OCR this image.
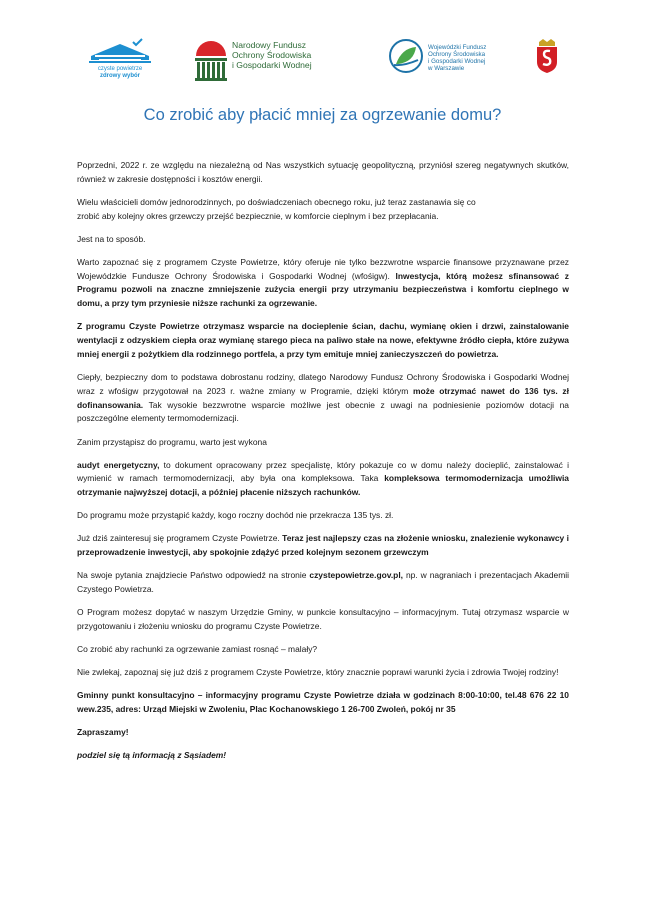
czyste powietrze
zdrowy wybór
Narodowy Fundusz
Ochrony Środowiska
i Gospodarki Wodnej
Wojewódzki Fundusz
Ochrony Środowiska
i Gospodarki Wodnej
w Warszawie
Co zrobić aby płacić mniej za ogrzewanie domu?

Poprzedni, 2022 r. ze względu na niezależną od Nas wszystkich sytuację geopolityczną, przyniósł szereg negatywnych skutków, również w zakresie dostępności i kosztów energii.

Wielu właścicieli domów jednorodzinnych, po doświadczeniach obecnego roku, już teraz zastanawia się co
zrobić aby kolejny okres grzewczy przejść bezpiecznie, w komforcie cieplnym i bez przepłacania.

Jest na to sposób.

Warto zapoznać się z programem Czyste Powietrze, który oferuje nie tylko bezzwrotne wsparcie finansowe przyznawane przez Wojewódzkie Fundusze Ochrony Środowiska i Gospodarki Wodnej (wfośigw). Inwestycja, którą możesz sfinansować z Programu pozwoli na znaczne zmniejszenie zużycia energii przy utrzymaniu bezpieczeństwa i komfortu cieplnego w domu, a przy tym przyniesie niższe rachunki za ogrzewanie.

Z programu Czyste Powietrze otrzymasz wsparcie na docieplenie ścian, dachu, wymianę okien i drzwi, zainstalowanie wentylacji z odzyskiem ciepła oraz wymianę starego pieca na paliwo stałe na nowe, efektywne źródło ciepła, które zużywa mniej energii z pożytkiem dla rodzinnego portfela, a przy tym emituje mniej zanieczyszczeń do powietrza.

Ciepły, bezpieczny dom to podstawa dobrostanu rodziny, dlatego Narodowy Fundusz Ochrony Środowiska i Gospodarki Wodnej wraz z wfośigw przygotował na 2023 r. ważne zmiany w Programie, dzięki którym może otrzymać nawet do 136 tys. zł dofinansowania. Tak wysokie bezzwrotne wsparcie możliwe jest obecnie z uwagi na podniesienie poziomów dotacji na poszczególne elementy termomodernizacji.

Zanim przystąpisz do programu, warto jest wykona

audyt energetyczny, to dokument opracowany przez specjalistę, który pokazuje co w domu należy docieplić, zainstalować i wymienić w ramach termomodernizacji, aby była ona kompleksowa. Taka kompleksowa termomodernizacja umożliwia otrzymanie najwyższej dotacji, a później płacenie niższych rachunków.

Do programu może przystąpić każdy, kogo roczny dochód nie przekracza 135 tys. zł.

Już dziś zainteresuj się programem Czyste Powietrze. Teraz jest najlepszy czas na złożenie wniosku, znalezienie wykonawcy i przeprowadzenie inwestycji, aby spokojnie zdążyć przed kolejnym sezonem grzewczym

Na swoje pytania znajdziecie Państwo odpowiedź na stronie czystepowietrze.gov.pl, np. w nagraniach i prezentacjach Akademii Czystego Powietrza.

O Program możesz dopytać w naszym Urzędzie Gminy, w punkcie konsultacyjno – informacyjnym. Tutaj otrzymasz wsparcie w przygotowaniu i złożeniu wniosku do programu Czyste Powietrze.

Co zrobić aby rachunki za ogrzewanie zamiast rosnąć – malały?

Nie zwlekaj, zapoznaj się już dziś z programem Czyste Powietrze, który znacznie poprawi warunki życia i zdrowia Twojej rodziny!

Gminny punkt konsultacyjno – informacyjny programu Czyste Powietrze działa w godzinach 8:00-10:00, tel.48 676 22 10 wew.235, adres: Urząd Miejski w Zwoleniu, Plac Kochanowskiego 1 26-700 Zwoleń, pokój nr 35

Zapraszamy!

podziel się tą informacją z Sąsiadem!
